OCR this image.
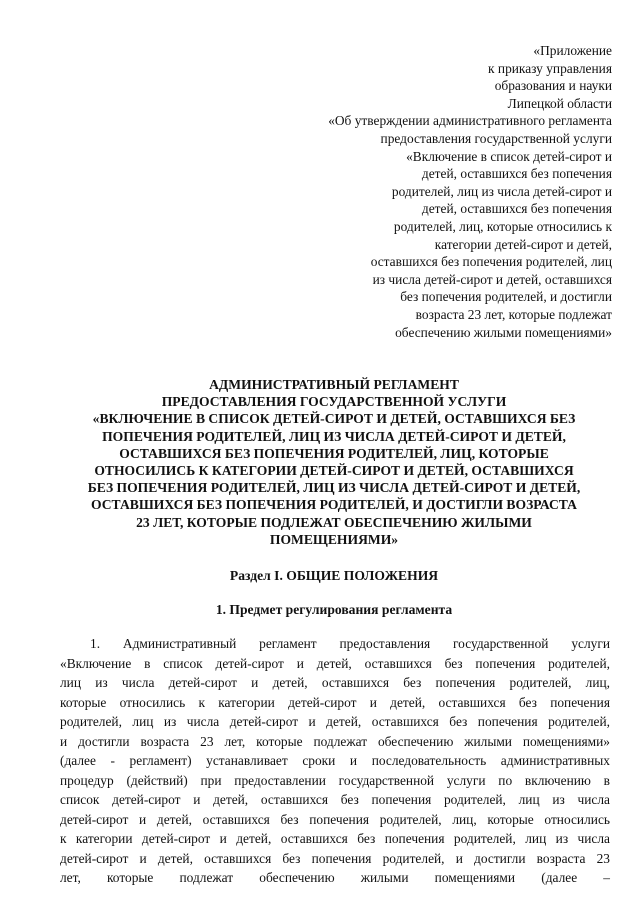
«Приложение
к приказу управления
образования и науки
Липецкой области
«Об утверждении административного регламента
предоставления государственной услуги
«Включение в список детей-сирот и
детей, оставшихся без попечения
родителей, лиц из числа детей-сирот и
детей, оставшихся без попечения
родителей, лиц, которые относились к
категории детей-сирот и детей,
оставшихся без попечения родителей, лиц
из числа детей-сирот и детей, оставшихся
без попечения родителей, и достигли
возраста 23 лет, которые подлежат
обеспечению жилыми помещениями»
АДМИНИСТРАТИВНЫЙ РЕГЛАМЕНТ
ПРЕДОСТАВЛЕНИЯ ГОСУДАРСТВЕННОЙ УСЛУГИ
«ВКЛЮЧЕНИЕ В СПИСОК ДЕТЕЙ-СИРОТ И ДЕТЕЙ, ОСТАВШИХСЯ БЕЗ
ПОПЕЧЕНИЯ РОДИТЕЛЕЙ, ЛИЦ ИЗ ЧИСЛА ДЕТЕЙ-СИРОТ И ДЕТЕЙ,
ОСТАВШИХСЯ БЕЗ ПОПЕЧЕНИЯ РОДИТЕЛЕЙ, ЛИЦ, КОТОРЫЕ
ОТНОСИЛИСЬ К КАТЕГОРИИ ДЕТЕЙ-СИРОТ И ДЕТЕЙ, ОСТАВШИХСЯ
БЕЗ ПОПЕЧЕНИЯ РОДИТЕЛЕЙ, ЛИЦ ИЗ ЧИСЛА ДЕТЕЙ-СИРОТ И ДЕТЕЙ,
ОСТАВШИХСЯ БЕЗ ПОПЕЧЕНИЯ РОДИТЕЛЕЙ, И ДОСТИГЛИ ВОЗРАСТА
23 ЛЕТ, КОТОРЫЕ ПОДЛЕЖАТ ОБЕСПЕЧЕНИЮ ЖИЛЫМИ
ПОМЕЩЕНИЯМИ»
Раздел I. ОБЩИЕ ПОЛОЖЕНИЯ
1. Предмет регулирования регламента
1. Административный регламент предоставления государственной услуги
«Включение в список детей-сирот и детей, оставшихся без попечения родителей,
лиц из числа детей-сирот и детей, оставшихся без попечения родителей, лиц,
которые относились к категории детей-сирот и детей, оставшихся без попечения
родителей, лиц из числа детей-сирот и детей, оставшихся без попечения родителей,
и достигли возраста 23 лет, которые подлежат обеспечению жилыми помещениями»
(далее - регламент) устанавливает сроки и последовательность административных
процедур (действий) при предоставлении государственной услуги по включению в
список детей-сирот и детей, оставшихся без попечения родителей, лиц из числа
детей-сирот и детей, оставшихся без попечения родителей, лиц, которые относились
к категории детей-сирот и детей, оставшихся без попечения родителей, лиц из числа
детей-сирот и детей, оставшихся без попечения родителей, и достигли возраста 23
лет, которые подлежат обеспечению жилыми помещениями (далее –
